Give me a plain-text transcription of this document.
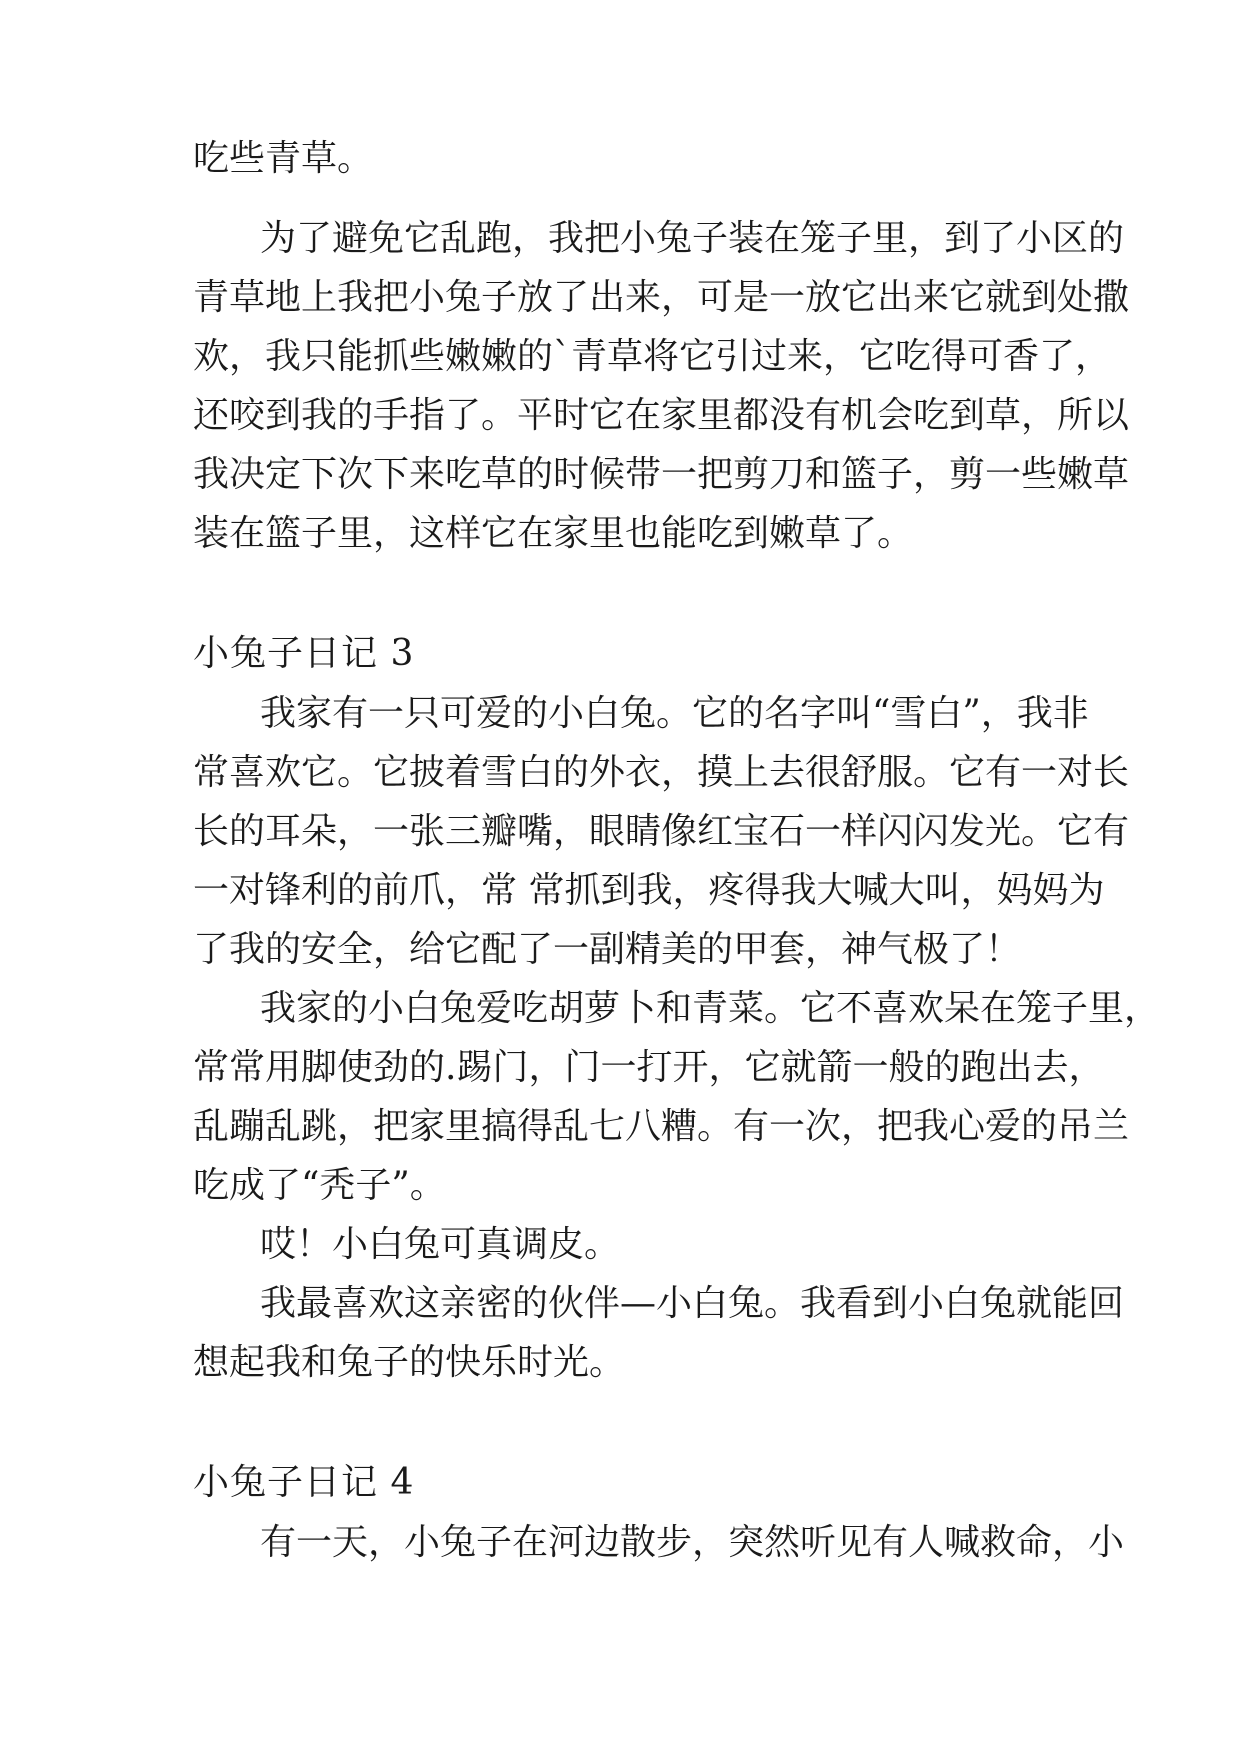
吃些青草。
为了避免它乱跑，我把小兔子装在笼子里，到了小区的
青草地上我把小兔子放了出来，可是一放它出来它就到处撒
欢，我只能抓些嫩嫩的`青草将它引过来，它吃得可香了，
还咬到我的手指了。平时它在家里都没有机会吃到草，所以
我决定下次下来吃草的时候带一把剪刀和篮子，剪一些嫩草
装在篮子里，这样它在家里也能吃到嫩草了。
小兔子日记 3
我家有一只可爱的小白兔。它的名字叫“雪白”，我非
常喜欢它。它披着雪白的外衣，摸上去很舒服。它有一对长
长的耳朵，一张三瓣嘴，眼睛像红宝石一样闪闪发光。它有
一对锋利的前爪，常 常抓到我，疼得我大喊大叫，妈妈为
了我的安全，给它配了一副精美的甲套，神气极了！
我家的小白兔爱吃胡萝卜和青菜。它不喜欢呆在笼子里，
常常用脚使劲的.踢门，门一打开，它就箭一般的跑出去，
乱蹦乱跳，把家里搞得乱七八糟。有一次，把我心爱的吊兰
吃成了“秃子”。
哎！小白兔可真调皮。
我最喜欢这亲密的伙伴—小白兔。我看到小白兔就能回
想起我和兔子的快乐时光。
小兔子日记 4
有一天，小兔子在河边散步，突然听见有人喊救命，小
